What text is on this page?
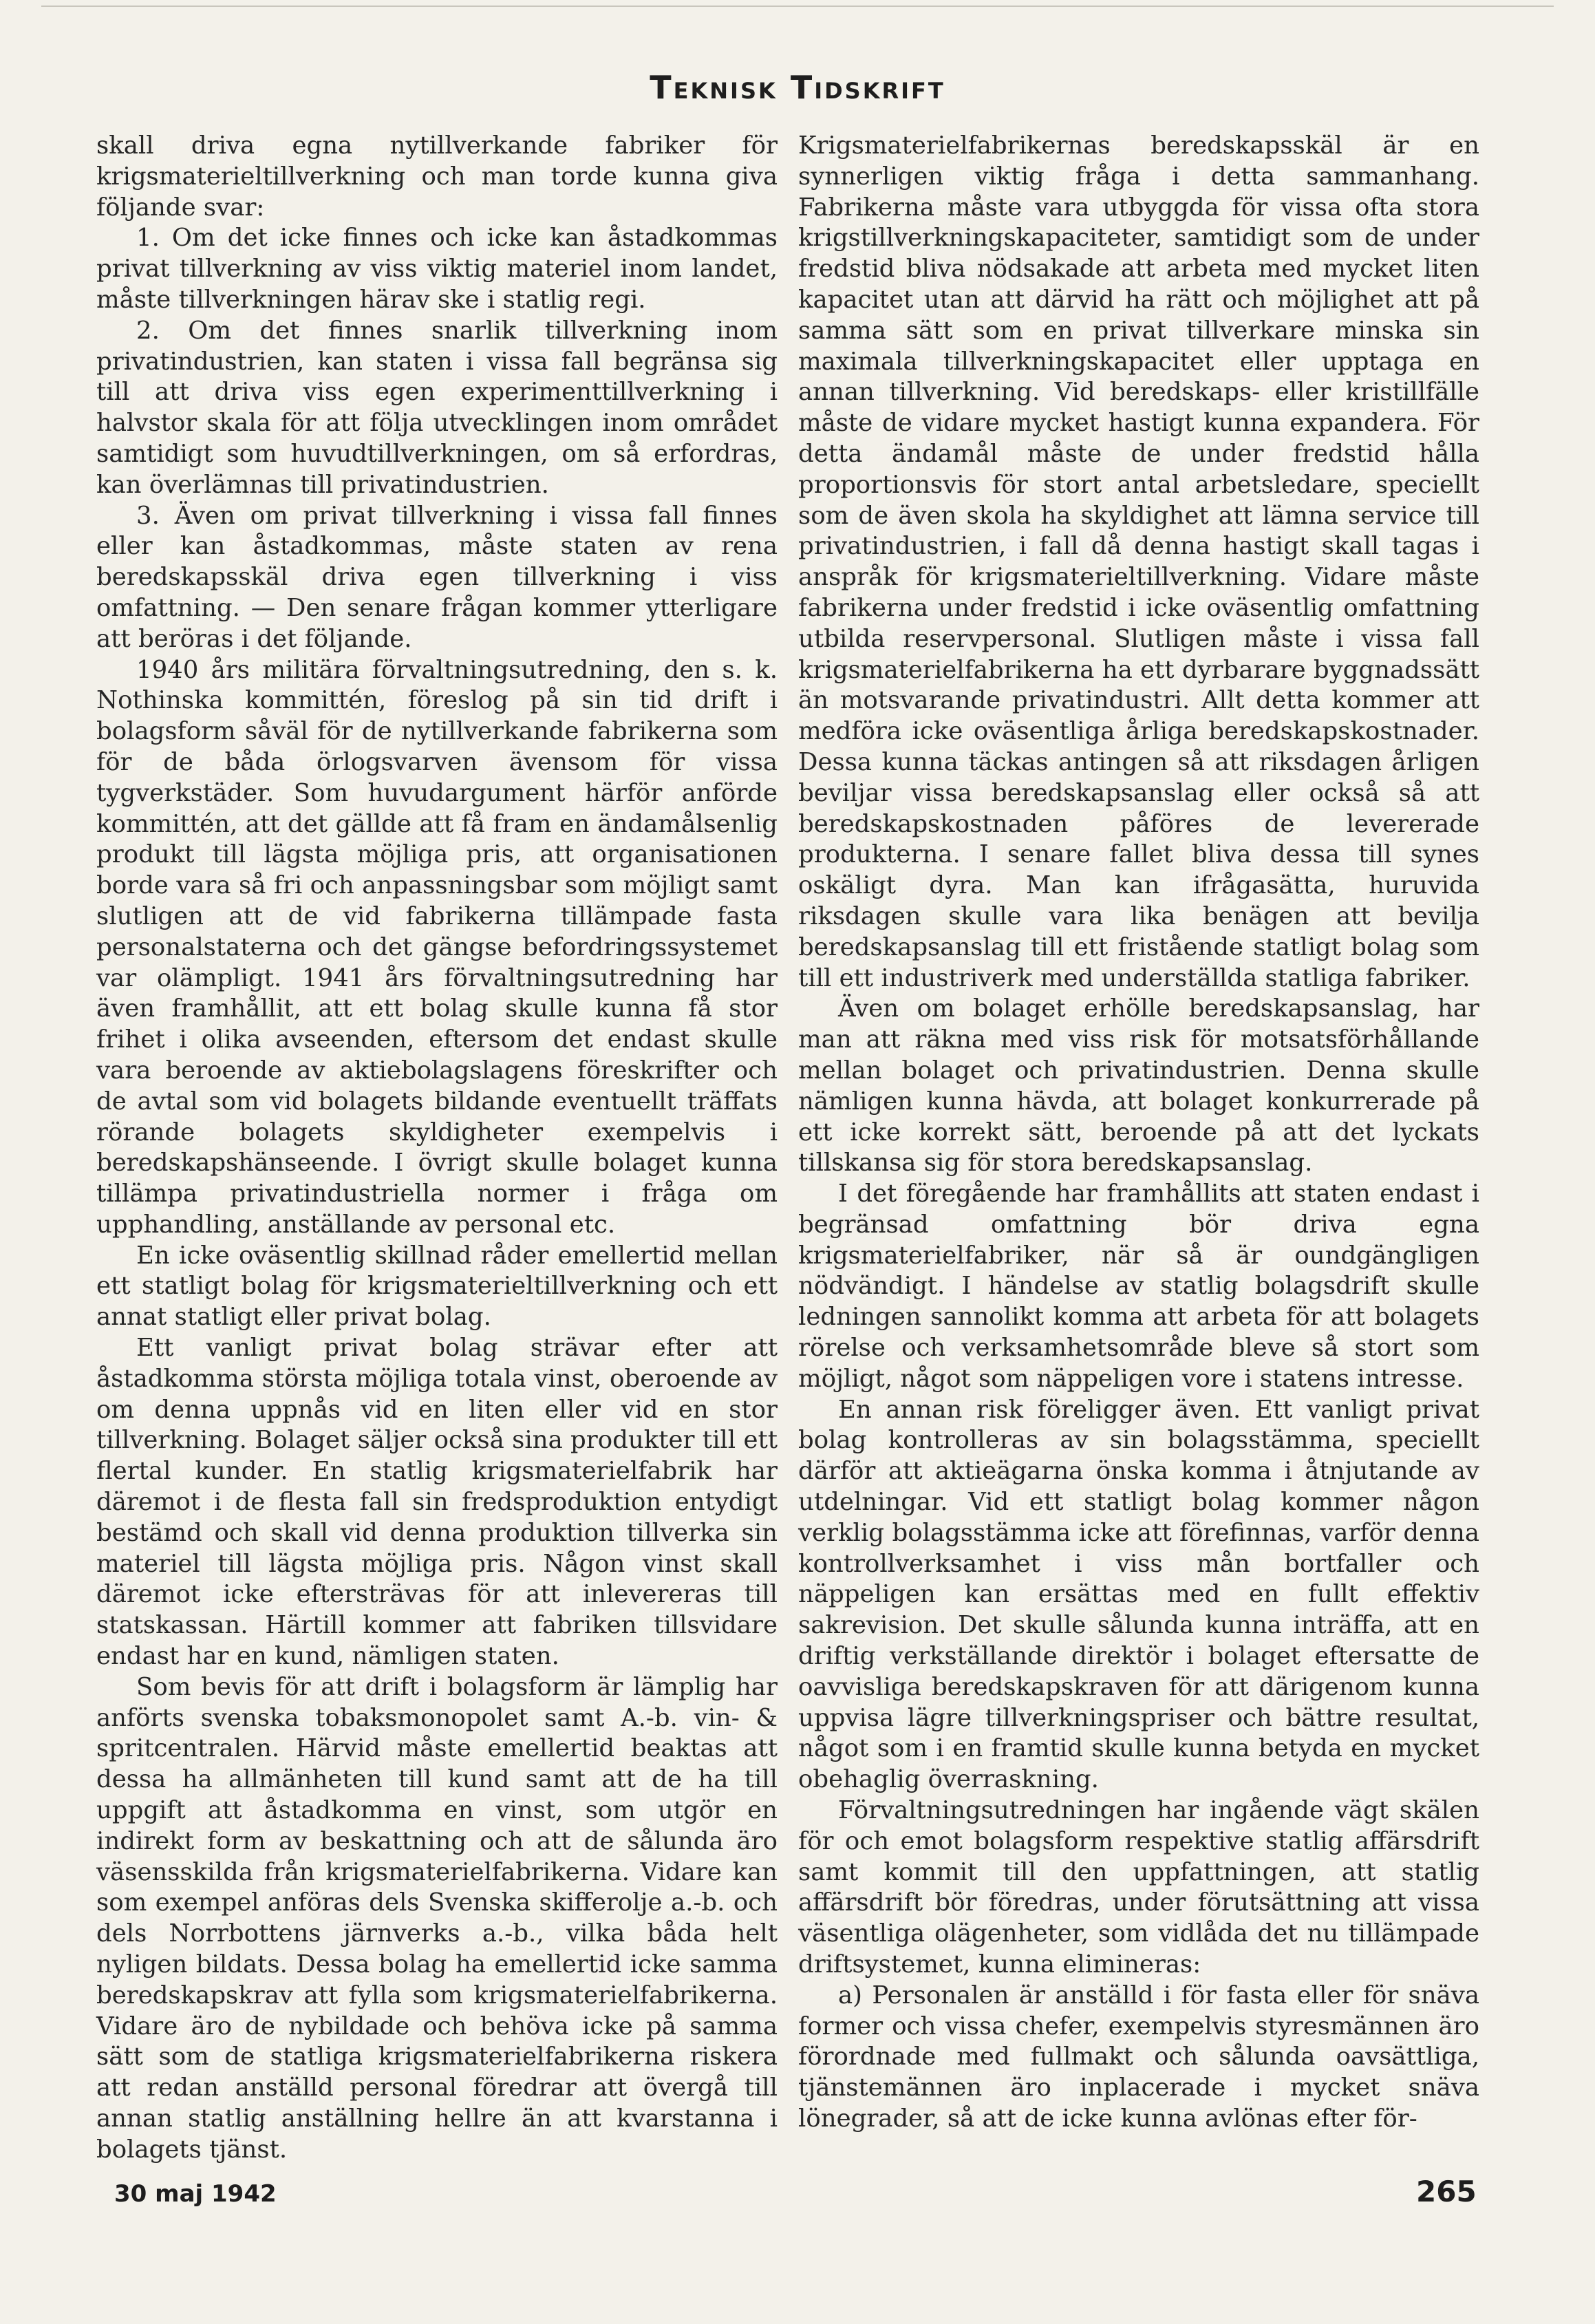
Teknisk Tidskrift

skall driva egna nytillverkande fabriker för krigsmaterieltillverkning och man torde kunna giva följande svar:

1. Om det icke finnes och icke kan åstadkommas privat tillverkning av viss viktig materiel inom landet, måste tillverkningen härav ske i statlig regi.

2. Om det finnes snarlik tillverkning inom privatindustrien, kan staten i vissa fall begränsa sig till att driva viss egen experimenttillverkning i halvstor skala för att följa utvecklingen inom området samtidigt som huvudtillverkningen, om så erfordras, kan överlämnas till privatindustrien.

3. Även om privat tillverkning i vissa fall finnes eller kan åstadkommas, måste staten av rena beredskapsskäl driva egen tillverkning i viss omfattning. — Den senare frågan kommer ytterligare att beröras i det följande.

1940 års militära förvaltningsutredning, den s. k. Nothinska kommittén, föreslog på sin tid drift i bolagsform såväl för de nytillverkande fabrikerna som för de båda örlogsvarven ävensom för vissa tygverkstäder. Som huvudargument härför anförde kommittén, att det gällde att få fram en ändamålsenlig produkt till lägsta möjliga pris, att organisationen borde vara så fri och anpassningsbar som möjligt samt slutligen att de vid fabrikerna tillämpade fasta personalstaterna och det gängse befordringssystemet var olämpligt. 1941 års förvaltningsutredning har även framhållit, att ett bolag skulle kunna få stor frihet i olika avseenden, eftersom det endast skulle vara beroende av aktiebolagslagens föreskrifter och de avtal som vid bolagets bildande eventuellt träffats rörande bolagets skyldigheter exempelvis i beredskapshänseende. I övrigt skulle bolaget kunna tillämpa privatindustriella normer i fråga om upphandling, anställande av personal etc.

En icke oväsentlig skillnad råder emellertid mellan ett statligt bolag för krigsmaterieltillverkning och ett annat statligt eller privat bolag.

Ett vanligt privat bolag strävar efter att åstadkomma största möjliga totala vinst, oberoende av om denna uppnås vid en liten eller vid en stor tillverkning. Bolaget säljer också sina produkter till ett flertal kunder. En statlig krigsmaterielfabrik har däremot i de flesta fall sin fredsproduktion entydigt bestämd och skall vid denna produktion tillverka sin materiel till lägsta möjliga pris. Någon vinst skall däremot icke eftersträvas för att inlevereras till statskassan. Härtill kommer att fabriken tillsvidare endast har en kund, nämligen staten.

Som bevis för att drift i bolagsform är lämplig har anförts svenska tobaksmonopolet samt A.-b. vin- & spritcentralen. Härvid måste emellertid beaktas att dessa ha allmänheten till kund samt att de ha till uppgift att åstadkomma en vinst, som utgör en indirekt form av beskattning och att de sålunda äro väsensskilda från krigsmaterielfabrikerna. Vidare kan som exempel anföras dels Svenska skifferolje a.-b. och dels Norrbottens järnverks a.-b., vilka båda helt nyligen bildats. Dessa bolag ha emellertid icke samma beredskapskrav att fylla som krigsmaterielfabrikerna. Vidare äro de nybildade och behöva icke på samma sätt som de statliga krigsmaterielfabrikerna riskera att redan anställd personal föredrar att övergå till annan statlig anställning hellre än att kvarstanna i bolagets tjänst.

Krigsmaterielfabrikernas beredskapsskäl är en synnerligen viktig fråga i detta sammanhang. Fabrikerna måste vara utbyggda för vissa ofta stora krigstillverkningskapaciteter, samtidigt som de under fredstid bliva nödsakade att arbeta med mycket liten kapacitet utan att därvid ha rätt och möjlighet att på samma sätt som en privat tillverkare minska sin maximala tillverkningskapacitet eller upptaga en annan tillverkning. Vid beredskaps- eller kristillfälle måste de vidare mycket hastigt kunna expandera. För detta ändamål måste de under fredstid hålla proportionsvis för stort antal arbetsledare, speciellt som de även skola ha skyldighet att lämna service till privatindustrien, i fall då denna hastigt skall tagas i anspråk för krigsmaterieltillverkning. Vidare måste fabrikerna under fredstid i icke oväsentlig omfattning utbilda reservpersonal. Slutligen måste i vissa fall krigsmaterielfabrikerna ha ett dyrbarare byggnadssätt än motsvarande privatindustri. Allt detta kommer att medföra icke oväsentliga årliga beredskapskostnader. Dessa kunna täckas antingen så att riksdagen årligen beviljar vissa beredskapsanslag eller också så att beredskapskostnaden påföres de levererade produkterna. I senare fallet bliva dessa till synes oskäligt dyra. Man kan ifrågasätta, huruvida riksdagen skulle vara lika benägen att bevilja beredskapsanslag till ett fristående statligt bolag som till ett industriverk med underställda statliga fabriker.

Även om bolaget erhölle beredskapsanslag, har man att räkna med viss risk för motsatsförhållande mellan bolaget och privatindustrien. Denna skulle nämligen kunna hävda, att bolaget konkurrerade på ett icke korrekt sätt, beroende på att det lyckats tillskansa sig för stora beredskapsanslag.

I det föregående har framhållits att staten endast i begränsad omfattning bör driva egna krigsmaterielfabriker, när så är oundgängligen nödvändigt. I händelse av statlig bolagsdrift skulle ledningen sannolikt komma att arbeta för att bolagets rörelse och verksamhetsområde bleve så stort som möjligt, något som näppeligen vore i statens intresse.

En annan risk föreligger även. Ett vanligt privat bolag kontrolleras av sin bolagsstämma, speciellt därför att aktieägarna önska komma i åtnjutande av utdelningar. Vid ett statligt bolag kommer någon verklig bolagsstämma icke att förefinnas, varför denna kontrollverksamhet i viss mån bortfaller och näppeligen kan ersättas med en fullt effektiv sakrevision. Det skulle sålunda kunna inträffa, att en driftig verkställande direktör i bolaget eftersatte de oavvisliga beredskapskraven för att därigenom kunna uppvisa lägre tillverkningspriser och bättre resultat, något som i en framtid skulle kunna betyda en mycket obehaglig överraskning.

Förvaltningsutredningen har ingående vägt skälen för och emot bolagsform respektive statlig affärsdrift samt kommit till den uppfattningen, att statlig affärsdrift bör föredras, under förutsättning att vissa väsentliga olägenheter, som vidlåda det nu tillämpade driftsystemet, kunna elimineras:

a) Personalen är anställd i för fasta eller för snäva former och vissa chefer, exempelvis styresmännen äro förordnade med fullmakt och sålunda oavsättliga, tjänstemännen äro inplacerade i mycket snäva lönegrader, så att de icke kunna avlönas efter för-

30 maj 1942	265
